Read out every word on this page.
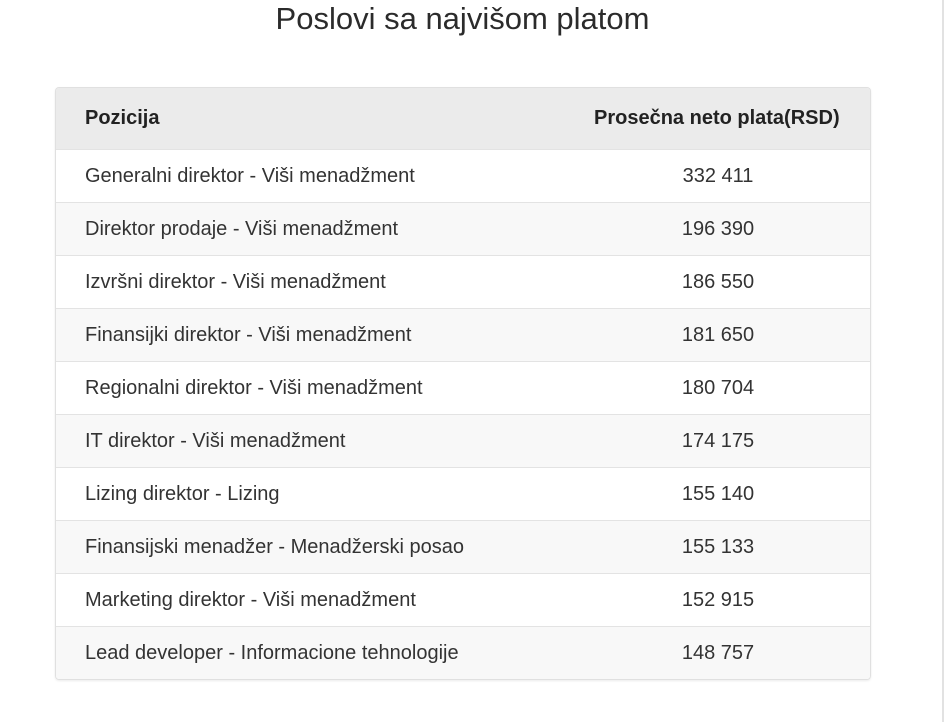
Poslovi sa najvišom platom
Pozicija	Prosečna neto plata(RSD)
Generalni direktor - Viši menadžment	332 411
Direktor prodaje - Viši menadžment	196 390
Izvršni direktor - Viši menadžment	186 550
Finansijki direktor - Viši menadžment	181 650
Regionalni direktor - Viši menadžment	180 704
IT direktor - Viši menadžment	174 175
Lizing direktor - Lizing	155 140
Finansijski menadžer - Menadžerski posao	155 133
Marketing direktor - Viši menadžment	152 915
Lead developer - Informacione tehnologije	148 757
